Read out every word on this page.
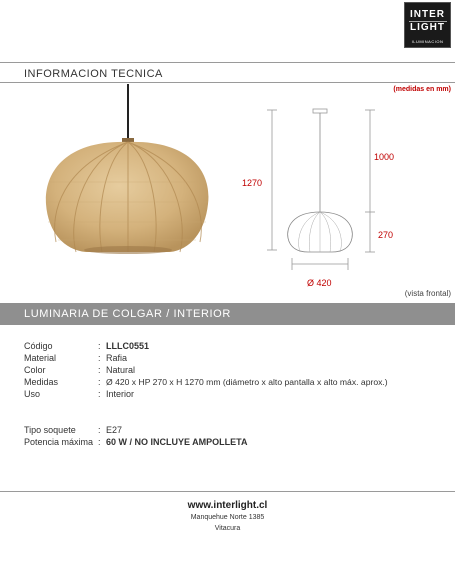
INTER
LIGHT
ILUMINACION
INFORMACION TECNICA
(medidas en mm)
1270
1000
270
Ø 420
(vista frontal)
LUMINARIA DE COLGAR / INTERIOR
Código	: LLLC0551
Material	: Rafia
Color	: Natural
Medidas	: Ø 420 x HP 270 x H 1270 mm (diámetro x alto pantalla x alto máx. aprox.)
Uso	: Interior
Tipo soquete	: E27
Potencia máxima : 60 W / NO INCLUYE AMPOLLETA
www.interlight.cl
Manquehue Norte 1385
Vitacura
